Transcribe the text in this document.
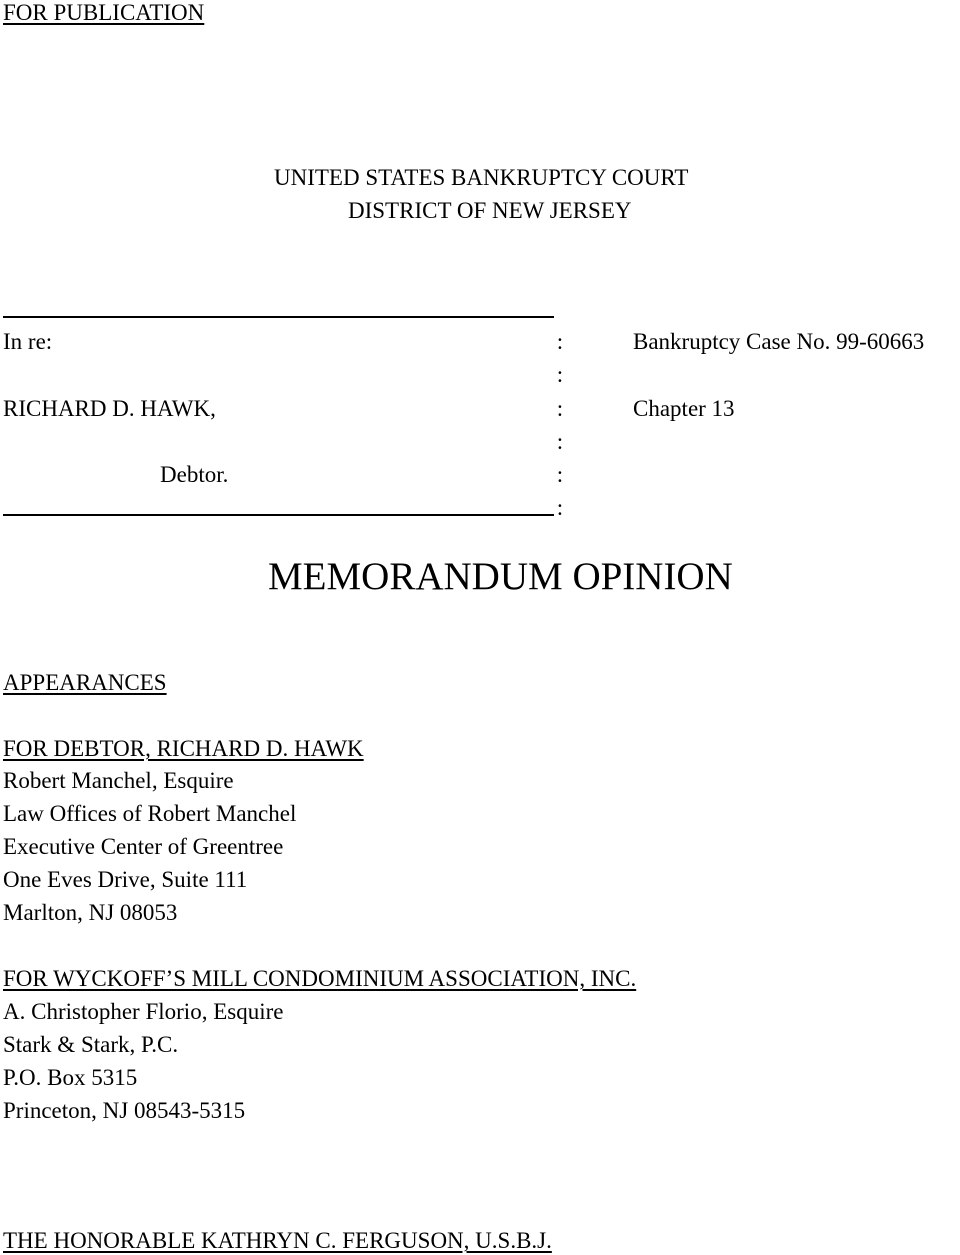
FOR PUBLICATION
UNITED STATES BANKRUPTCY COURT
DISTRICT OF NEW JERSEY
In re:
RICHARD D. HAWK,
Debtor.
:
:
:
:
:
:
Bankruptcy Case No. 99-60663
Chapter 13
MEMORANDUM OPINION
APPEARANCES
FOR DEBTOR, RICHARD D. HAWK
Robert Manchel, Esquire
Law Offices of Robert Manchel
Executive Center of Greentree
One Eves Drive, Suite 111
Marlton, NJ 08053
FOR WYCKOFF’S MILL CONDOMINIUM ASSOCIATION, INC.
A. Christopher Florio, Esquire
Stark & Stark, P.C.
P.O. Box 5315
Princeton, NJ 08543-5315
THE HONORABLE KATHRYN C. FERGUSON, U.S.B.J.
